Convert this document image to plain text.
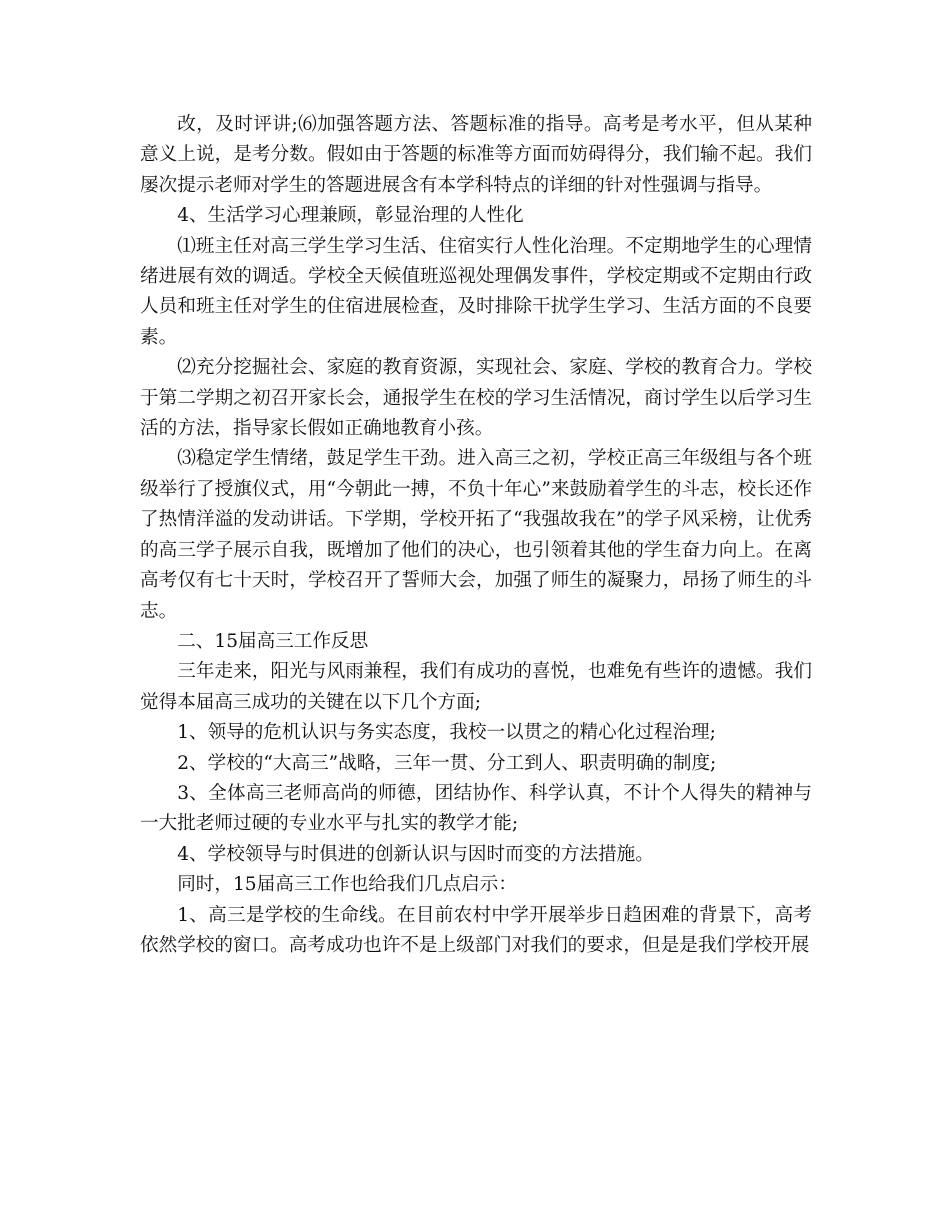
改，及时评讲;⑹加强答题方法、答题标准的指导。高考是考水平，但从某种意义上说，是考分数。假如由于答题的标准等方面而妨碍得分，我们输不起。我们屡次提示老师对学生的答题进展含有本学科特点的详细的针对性强调与指导。

4、生活学习心理兼顾，彰显治理的人性化

⑴班主任对高三学生学习生活、住宿实行人性化治理。不定期地学生的心理情绪进展有效的调适。学校全天候值班巡视处理偶发事件，学校定期或不定期由行政人员和班主任对学生的住宿进展检查，及时排除干扰学生学习、生活方面的不良要素。

⑵充分挖掘社会、家庭的教育资源，实现社会、家庭、学校的教育合力。学校于第二学期之初召开家长会，通报学生在校的学习生活情况，商讨学生以后学习生活的方法，指导家长假如正确地教育小孩。

⑶稳定学生情绪，鼓足学生干劲。进入高三之初，学校正高三年级组与各个班级举行了授旗仪式，用“今朝此一搏，不负十年心”来鼓励着学生的斗志，校长还作了热情洋溢的发动讲话。下学期，学校开拓了“我强故我在”的学子风采榜，让优秀的高三学子展示自我，既增加了他们的决心，也引领着其他的学生奋力向上。在离高考仅有七十天时，学校召开了誓师大会，加强了师生的凝聚力，昂扬了师生的斗志。

二、15届高三工作反思

三年走来，阳光与风雨兼程，我们有成功的喜悦，也难免有些许的遗憾。我们觉得本届高三成功的关键在以下几个方面;

1、领导的危机认识与务实态度，我校一以贯之的精心化过程治理;

2、学校的“大高三”战略，三年一贯、分工到人、职责明确的制度;

3、全体高三老师高尚的师德，团结协作、科学认真，不计个人得失的精神与一大批老师过硬的专业水平与扎实的教学才能;

4、学校领导与时俱进的创新认识与因时而变的方法措施。

同时，15届高三工作也给我们几点启示：

1、高三是学校的生命线。在目前农村中学开展举步日趋困难的背景下，高考依然学校的窗口。高考成功也许不是上级部门对我们的要求，但是是我们学校开展
